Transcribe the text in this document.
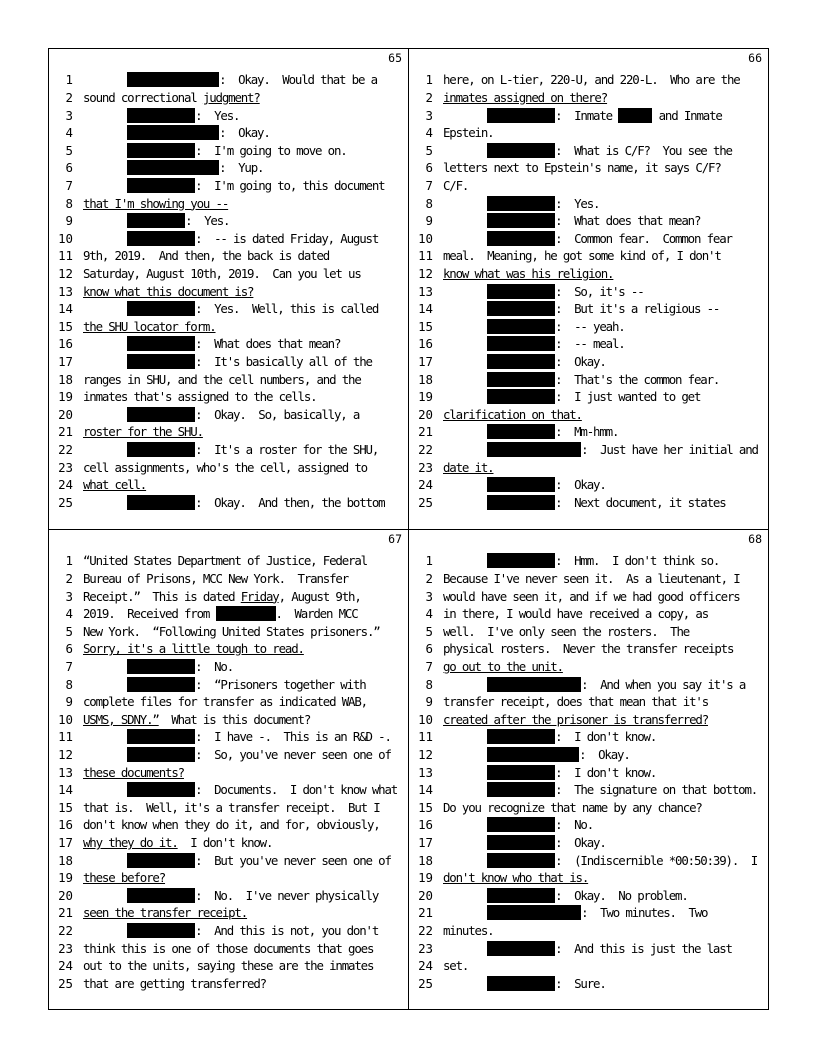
65
1	:  Okay.  Would that be a
2 sound correctional judgment?
3	:  Yes.
4	:  Okay.
5	:  I'm going to move on.
6	:  Yup.
7	:  I'm going to, this document
8 that I'm showing you --
9	:  Yes.
10	:  -- is dated Friday, August
11 9th, 2019.  And then, the back is dated
12 Saturday, August 10th, 2019.  Can you let us
13 know what this document is?
14	:  Yes.  Well, this is called
15 the SHU locator form.
16	:  What does that mean?
17	:  It's basically all of the
18 ranges in SHU, and the cell numbers, and the
19 inmates that's assigned to the cells.
20	:  Okay.  So, basically, a
21 roster for the SHU.
22	:  It's a roster for the SHU,
23 cell assignments, who's the cell, assigned to
24 what cell.
25	:  Okay.  And then, the bottom
66
1 here, on L-tier, 220-U, and 220-L.  Who are the
2 inmates assigned on there?
3	:  Inmate	and Inmate
4 Epstein.
5	:  What is C/F?  You see the
6 letters next to Epstein's name, it says C/F?
7 C/F.
8	:  Yes.
9	:  What does that mean?
10	:  Common fear.  Common fear
11 meal.  Meaning, he got some kind of, I don't
12 know what was his religion.
13	:  So, it's --
14	:  But it's a religious --
15	:  -- yeah.
16	:  -- meal.
17	:  Okay.
18	:  That's the common fear.
19	:  I just wanted to get
20 clarification on that.
21	:  Mm-hmm.
22	:  Just have her initial and
23 date it.
24	:  Okay.
25	:  Next document, it states
67
1 “United States Department of Justice, Federal
2 Bureau of Prisons, MCC New York.  Transfer
3 Receipt.”  This is dated Friday, August 9th,
4 2019.  Received from	.  Warden MCC
5 New York.  “Following United States prisoners.”
6 Sorry, it's a little tough to read.
7	:  No.
8	:  “Prisoners together with
9 complete files for transfer as indicated WAB,
10 USMS, SDNY.”  What is this document?
11	:  I have -.  This is an R&D -.
12	:  So, you've never seen one of
13 these documents?
14	:  Documents.  I don't know what
15 that is.  Well, it's a transfer receipt.  But I
16 don't know when they do it, and for, obviously,
17 why they do it.  I don't know.
18	:  But you've never seen one of
19 these before?
20	:  No.  I've never physically
21 seen the transfer receipt.
22	:  And this is not, you don't
23 think this is one of those documents that goes
24 out to the units, saying these are the inmates
25 that are getting transferred?
68
1	:  Hmm.  I don't think so.
2 Because I've never seen it.  As a lieutenant, I
3 would have seen it, and if we had good officers
4 in there, I would have received a copy, as
5 well.  I've only seen the rosters.  The
6 physical rosters.  Never the transfer receipts
7 go out to the unit.
8	:  And when you say it's a
9 transfer receipt, does that mean that it's
10 created after the prisoner is transferred?
11	:  I don't know.
12	:  Okay.
13	:  I don't know.
14	:  The signature on that bottom.
15 Do you recognize that name by any chance?
16	:  No.
17	:  Okay.
18	:  (Indiscernible *00:50:39).  I
19 don't know who that is.
20	:  Okay.  No problem.
21	:  Two minutes.  Two
22 minutes.
23	:  And this is just the last
24 set.
25	:  Sure.
